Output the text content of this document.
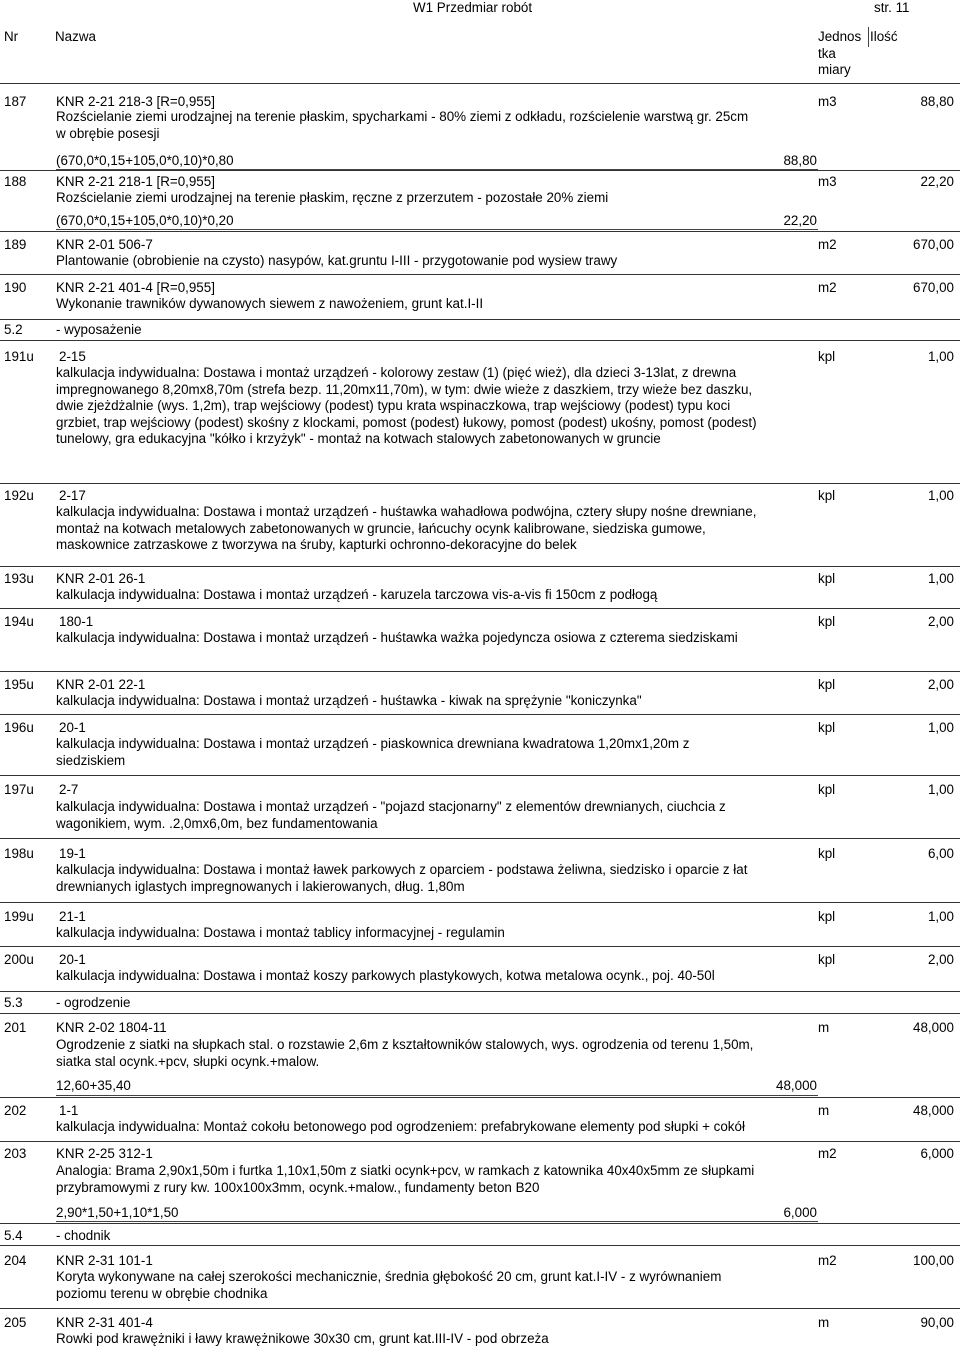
W1 Przedmiar robót	str. 11
Nr	Nazwa	Jednos
tka
miary
Ilość
187 KNR 2-21 218-3 [R=0,955]
Rozścielanie ziemi urodzajnej na terenie płaskim, spycharkami - 80% ziemi z odkładu, rozścielenie warstwą gr. 25cm
w obrębie posesji
(670,0*0,15+105,0*0,10)*0,80	88,80
m3	88,80
188 KNR 2-21 218-1 [R=0,955]
Rozścielanie ziemi urodzajnej na terenie płaskim, ręczne z przerzutem - pozostałe 20% ziemi
(670,0*0,15+105,0*0,10)*0,20	22,20
m3	22,20
189 KNR 2-01 506-7
Plantowanie (obrobienie na czysto) nasypów, kat.gruntu I-III - przygotowanie pod wysiew trawy
m2	670,00
190 KNR 2-21 401-4 [R=0,955]
Wykonanie trawników dywanowych siewem z nawożeniem, grunt kat.I-II
m2	670,00
5.2 - wyposażenie
191u 2-15
kalkulacja indywidualna: Dostawa i montaż urządzeń - kolorowy zestaw (1) (pięć wież), dla dzieci 3-13lat, z drewna
impregnowanego 8,20mx8,70m (strefa bezp. 11,20mx11,70m), w tym: dwie wieże z daszkiem, trzy wieże bez daszku,
dwie zjeżdżalnie (wys. 1,2m), trap wejściowy (podest) typu krata wspinaczkowa, trap wejściowy (podest) typu koci
grzbiet, trap wejściowy (podest) skośny z klockami, pomost (podest) łukowy, pomost (podest) ukośny, pomost (podest)
tunelowy, gra edukacyjna "kółko i krzyżyk" - montaż na kotwach stalowych zabetonowanych w gruncie
kpl	1,00
192u 2-17
kalkulacja indywidualna: Dostawa i montaż urządzeń - huśtawka wahadłowa podwójna, cztery słupy nośne drewniane,
montaż na kotwach metalowych zabetonowanych w gruncie, łańcuchy ocynk kalibrowane, siedziska gumowe,
maskownice zatrzaskowe z tworzywa na śruby, kapturki ochronno-dekoracyjne do belek
kpl	1,00
193u KNR 2-01 26-1
kalkulacja indywidualna: Dostawa i montaż urządzeń - karuzela tarczowa vis-a-vis fi 150cm z podłogą
kpl	1,00
194u 180-1
kalkulacja indywidualna: Dostawa i montaż urządzeń - huśtawka ważka pojedyncza osiowa z czterema siedziskami
kpl	2,00
195u KNR 2-01 22-1
kalkulacja indywidualna: Dostawa i montaż urządzeń - huśtawka - kiwak na sprężynie "koniczynka"
kpl	2,00
196u 20-1
kalkulacja indywidualna: Dostawa i montaż urządzeń - piaskownica drewniana kwadratowa 1,20mx1,20m z
siedziskiem
kpl	1,00
197u 2-7
kalkulacja indywidualna: Dostawa i montaż urządzeń - "pojazd stacjonarny" z elementów drewnianych, ciuchcia z
wagonikiem, wym. .2,0mx6,0m, bez fundamentowania
kpl	1,00
198u 19-1
kalkulacja indywidualna: Dostawa i montaż ławek parkowych z oparciem - podstawa żeliwna, siedzisko i oparcie z łat
drewnianych iglastych impregnowanych i lakierowanych, dług. 1,80m
kpl	6,00
199u 21-1
kalkulacja indywidualna: Dostawa i montaż tablicy informacyjnej - regulamin
kpl	1,00
200u 20-1
kalkulacja indywidualna: Dostawa i montaż koszy parkowych plastykowych, kotwa metalowa ocynk., poj. 40-50l
kpl	2,00
5.3 - ogrodzenie
201 KNR 2-02 1804-11
Ogrodzenie z siatki na słupkach stal. o rozstawie 2,6m z kształtowników stalowych, wys. ogrodzenia od terenu 1,50m,
siatka stal ocynk.+pcv, słupki ocynk.+malow.
12,60+35,40	48,000
m	48,000
202 1-1
kalkulacja indywidualna: Montaż cokołu betonowego pod ogrodzeniem: prefabrykowane elementy pod słupki + cokół
m	48,000
203 KNR 2-25 312-1
Analogia: Brama 2,90x1,50m i furtka 1,10x1,50m z siatki ocynk+pcv, w ramkach z katownika 40x40x5mm ze słupkami
przybramowymi z rury kw. 100x100x3mm, ocynk.+malow., fundamenty beton B20
2,90*1,50+1,10*1,50	6,000
m2	6,000
5.4 - chodnik
204 KNR 2-31 101-1
Koryta wykonywane na całej szerokości mechanicznie, średnia głębokość 20 cm, grunt kat.I-IV - z wyrównaniem
poziomu terenu w obrębie chodnika
m2	100,00
205 KNR 2-31 401-4
Rowki pod krawężniki i ławy krawężnikowe 30x30 cm, grunt kat.III-IV - pod obrzeża
m	90,00
